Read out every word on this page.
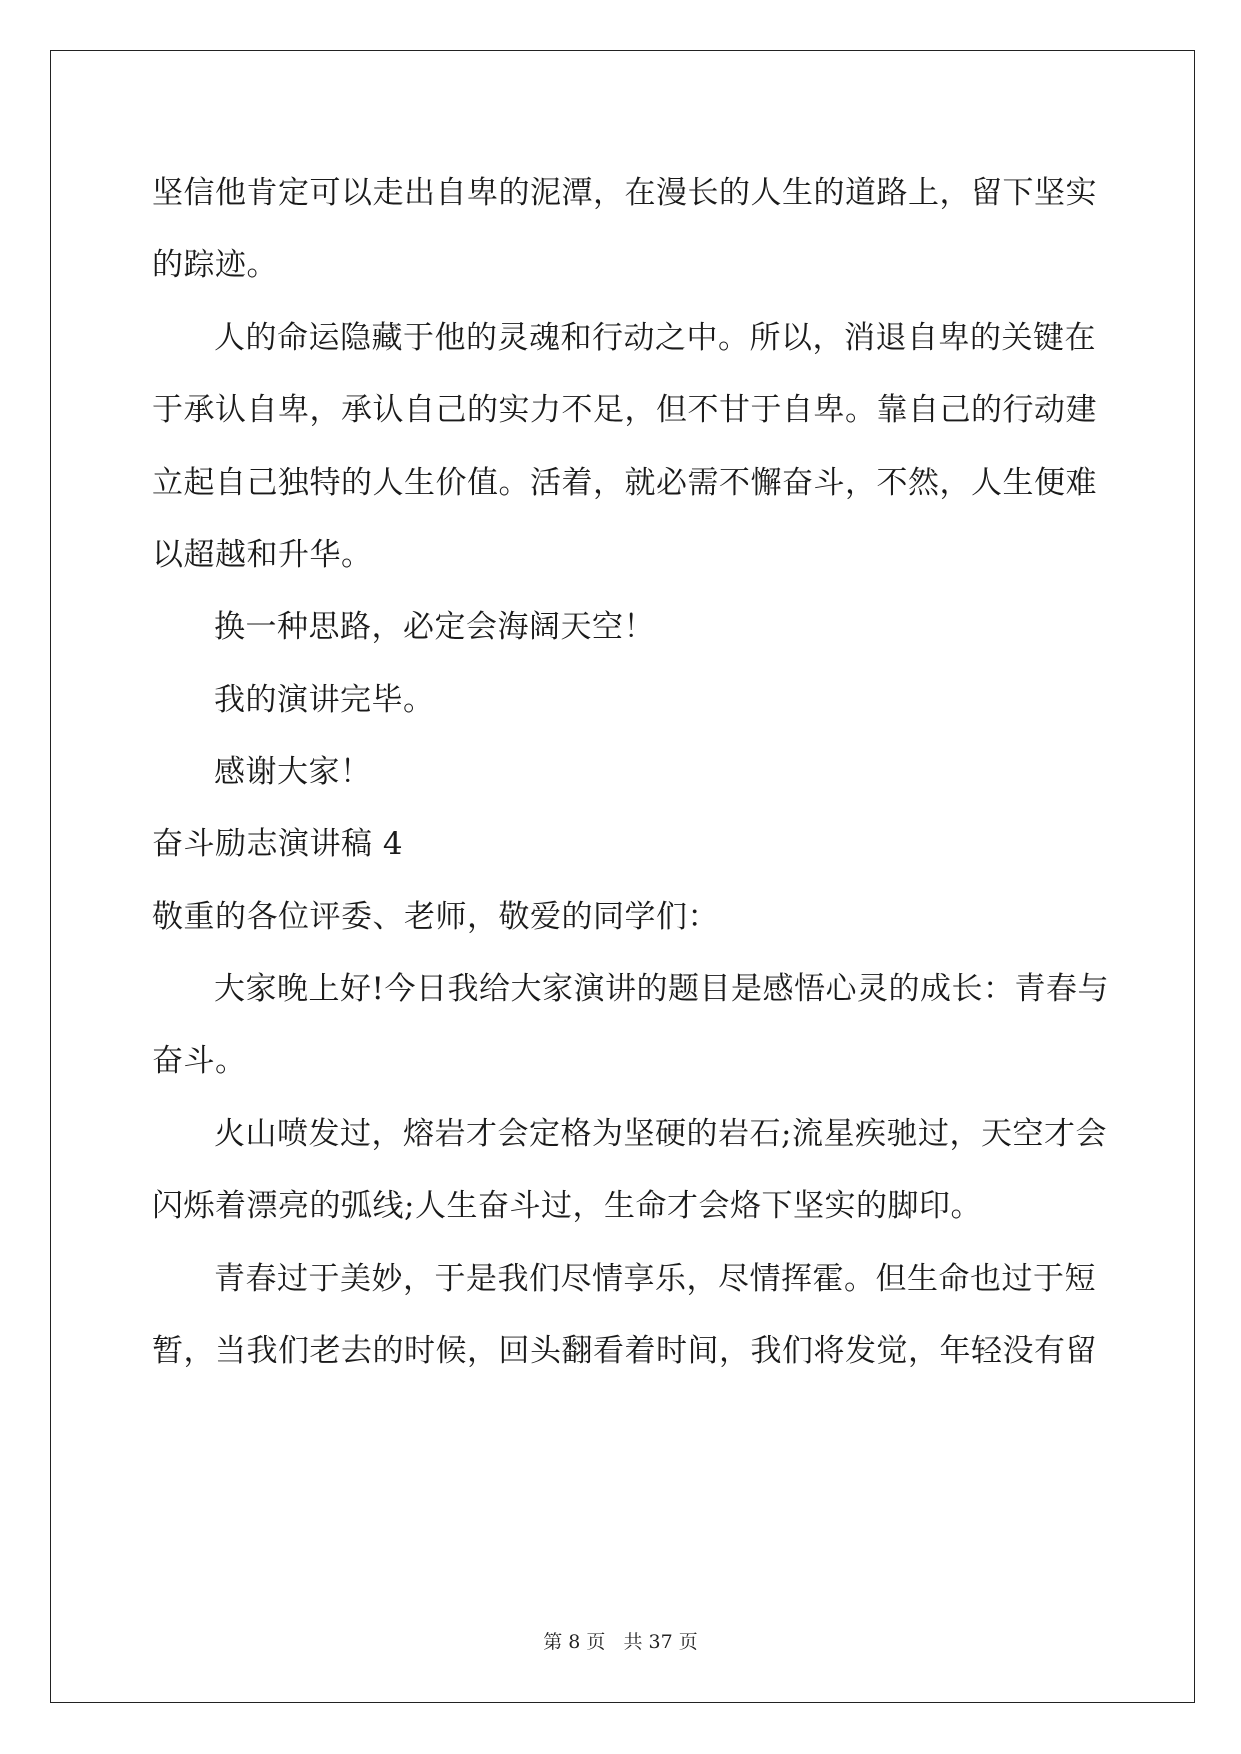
坚信他肯定可以走出自卑的泥潭，在漫长的人生的道路上，留下坚实
的踪迹。
人的命运隐藏于他的灵魂和行动之中。所以，消退自卑的关键在
于承认自卑，承认自己的实力不足，但不甘于自卑。靠自己的行动建
立起自己独特的人生价值。活着，就必需不懈奋斗，不然，人生便难
以超越和升华。
换一种思路，必定会海阔天空！
我的演讲完毕。
感谢大家！
奋斗励志演讲稿 4
敬重的各位评委、老师，敬爱的同学们：
大家晚上好!今日我给大家演讲的题目是感悟心灵的成长：青春与
奋斗。
火山喷发过，熔岩才会定格为坚硬的岩石;流星疾驰过，天空才会
闪烁着漂亮的弧线;人生奋斗过，生命才会烙下坚实的脚印。
青春过于美妙，于是我们尽情享乐，尽情挥霍。但生命也过于短
暂，当我们老去的时候，回头翻看着时间，我们将发觉，年轻没有留
第 8 页 共 37 页
